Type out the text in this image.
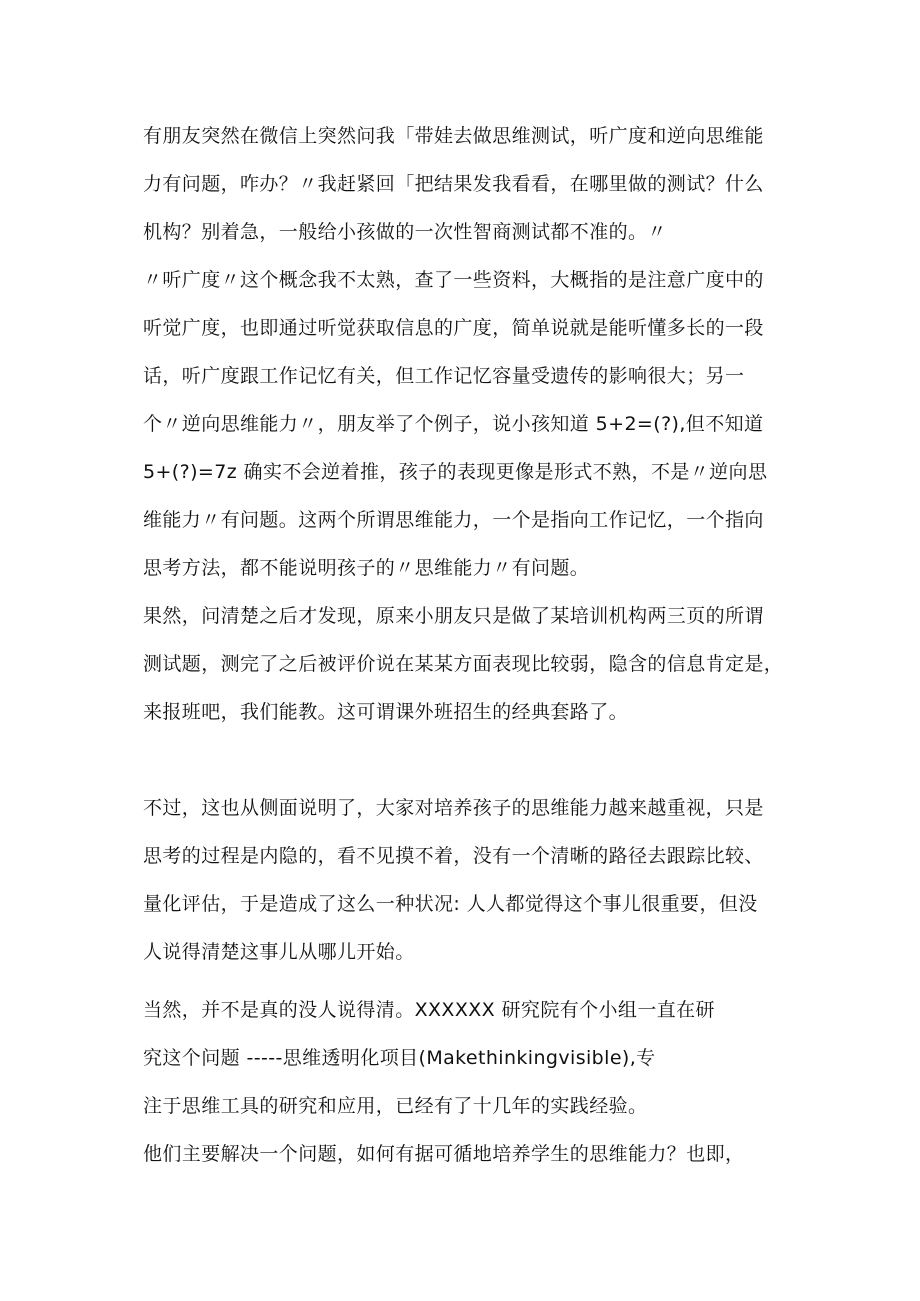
有朋友突然在微信上突然问我「带娃去做思维测试，听广度和逆向思维能
力有问题，咋办？〃我赶紧回「把结果发我看看，在哪里做的测试？什么
机构？别着急，一般给小孩做的一次性智商测试都不准的。〃
〃听广度〃这个概念我不太熟，查了一些资料，大概指的是注意广度中的
听觉广度，也即通过听觉获取信息的广度，简单说就是能听懂多长的一段
话，听广度跟工作记忆有关，但工作记忆容量受遗传的影响很大；另一
个〃逆向思维能力〃，朋友举了个例子，说小孩知道 5+2=(?),但不知道
5+(?)=7z 确实不会逆着推，孩子的表现更像是形式不熟，不是〃逆向思
维能力〃有问题。这两个所谓思维能力，一个是指向工作记忆，一个指向
思考方法，都不能说明孩子的〃思维能力〃有问题。
果然，问清楚之后才发现，原来小朋友只是做了某培训机构两三页的所谓
测试题，测完了之后被评价说在某某方面表现比较弱，隐含的信息肯定是，
来报班吧，我们能教。这可谓课外班招生的经典套路了。
不过，这也从侧面说明了，大家对培养孩子的思维能力越来越重视，只是
思考的过程是内隐的，看不见摸不着，没有一个清晰的路径去跟踪比较、
量化评估，于是造成了这么一种状况: 人人都觉得这个事儿很重要，但没
人说得清楚这事儿从哪儿开始。
当然，并不是真的没人说得清。XXXXXX 研究院有个小组一直在研
究这个问题 -----思维透明化项目(Makethinkingvisible),专
注于思维工具的研究和应用，已经有了十几年的实践经验。
他们主要解决一个问题，如何有据可循地培养学生的思维能力？也即，
